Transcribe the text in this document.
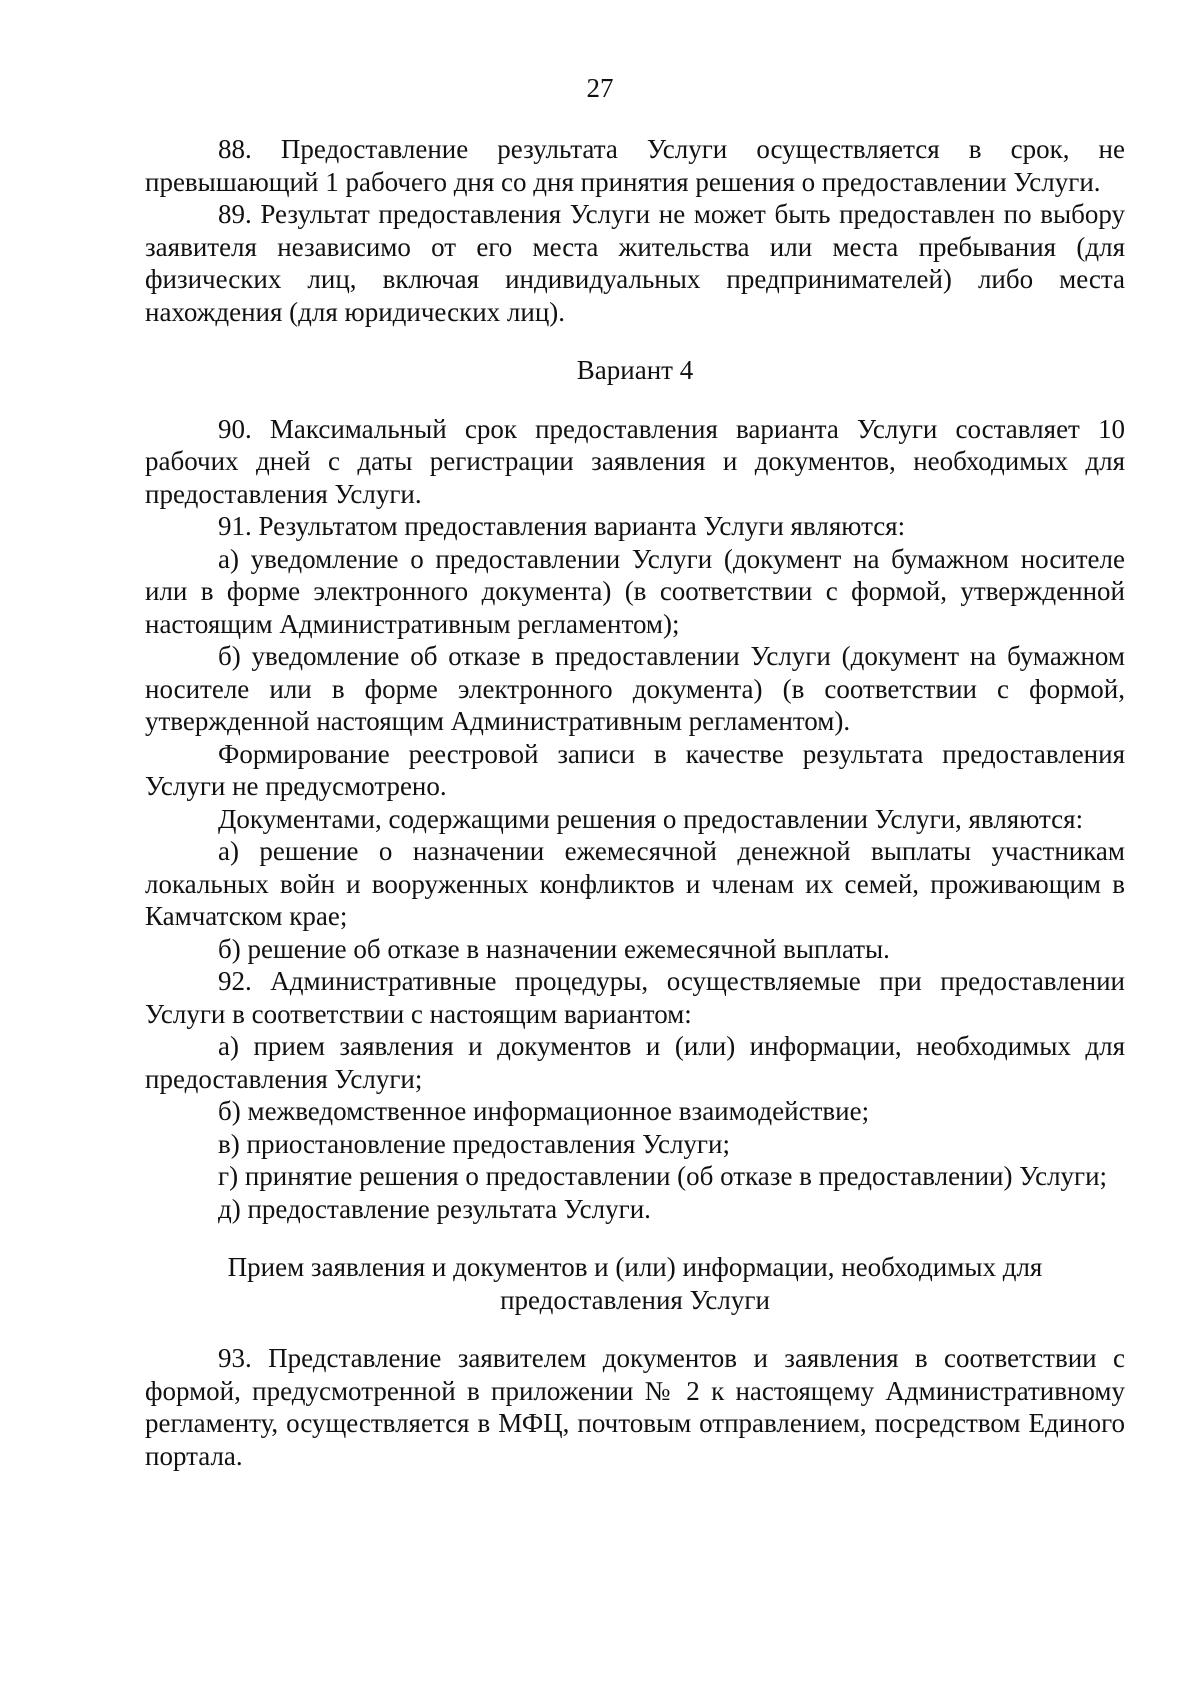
27

88. Предоставление результата Услуги осуществляется в срок, не превышающий 1 рабочего дня со дня принятия решения о предоставлении Услуги.

89. Результат предоставления Услуги не может быть предоставлен по выбору заявителя независимо от его места жительства или места пребывания (для физических лиц, включая индивидуальных предпринимателей) либо места нахождения (для юридических лиц).

Вариант 4

90. Максимальный срок предоставления варианта Услуги составляет 10 рабочих дней с даты регистрации заявления и документов, необходимых для предоставления Услуги.

91. Результатом предоставления варианта Услуги являются:

а) уведомление о предоставлении Услуги (документ на бумажном носителе или в форме электронного документа) (в соответствии с формой, утвержденной настоящим Административным регламентом);

б) уведомление об отказе в предоставлении Услуги (документ на бумажном носителе или в форме электронного документа) (в соответствии с формой, утвержденной настоящим Административным регламентом).

Формирование реестровой записи в качестве результата предоставления Услуги не предусмотрено.

Документами, содержащими решения о предоставлении Услуги, являются:

а) решение о назначении ежемесячной денежной выплаты участникам локальных войн и вооруженных конфликтов и членам их семей, проживающим в Камчатском крае;

б) решение об отказе в назначении ежемесячной выплаты.

92. Административные процедуры, осуществляемые при предоставлении Услуги в соответствии с настоящим вариантом:

а) прием заявления и документов и (или) информации, необходимых для предоставления Услуги;

б) межведомственное информационное взаимодействие;

в) приостановление предоставления Услуги;

г) принятие решения о предоставлении (об отказе в предоставлении) Услуги;

д) предоставление результата Услуги.

Прием заявления и документов и (или) информации, необходимых для

предоставления Услуги

93. Представление заявителем документов и заявления в соответствии с формой, предусмотренной в приложении № 2 к настоящему Административному регламенту, осуществляется в МФЦ, почтовым отправлением, посредством Единого портала.
